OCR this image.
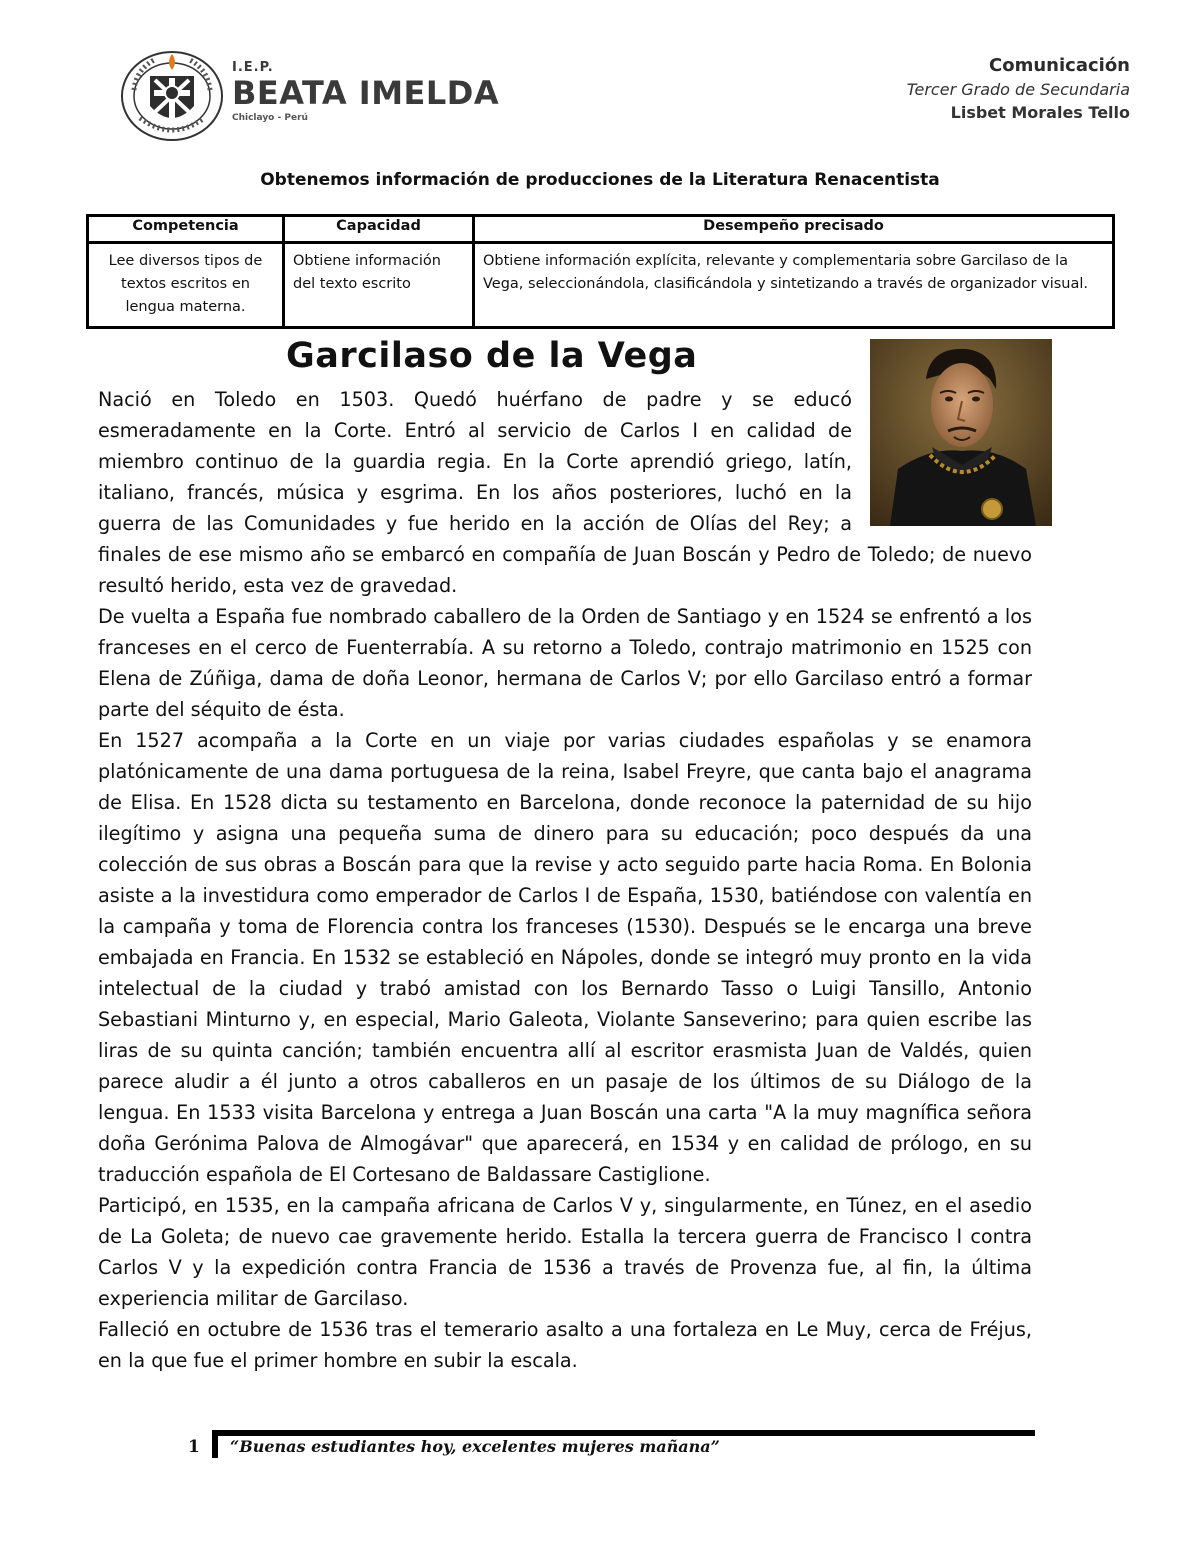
I.E.P.
BEATA IMELDA
Chiclayo - Perú
Comunicación
Tercer Grado de Secundaria
Lisbet Morales Tello
Obtenemos información de producciones de la Literatura Renacentista
Competencia	Capacidad	Desempeño precisado
Lee diversos tipos de textos escritos en lengua materna.	Obtiene información del texto escrito	Obtiene información explícita, relevante y complementaria sobre Garcilaso de la Vega, seleccionándola, clasificándola y sintetizando a través de organizador visual.
Garcilaso de la Vega

Nació en Toledo en 1503. Quedó huérfano de padre y se educó esmeradamente en la Corte. Entró al servicio de Carlos I en calidad de miembro continuo de la guardia regia. En la Corte aprendió griego, latín, italiano, francés, música y esgrima. En los años posteriores, luchó en la guerra de las Comunidades y fue herido en la acción de Olías del Rey; a finales de ese mismo año se embarcó en compañía de Juan Boscán y Pedro de Toledo; de nuevo resultó herido, esta vez de gravedad.

De vuelta a España fue nombrado caballero de la Orden de Santiago y en 1524 se enfrentó a los franceses en el cerco de Fuenterrabía. A su retorno a Toledo, contrajo matrimonio en 1525 con Elena de Zúñiga, dama de doña Leonor, hermana de Carlos V; por ello Garcilaso entró a formar parte del séquito de ésta.

En 1527 acompaña a la Corte en un viaje por varias ciudades españolas y se enamora platónicamente de una dama portuguesa de la reina, Isabel Freyre, que canta bajo el anagrama de Elisa. En 1528 dicta su testamento en Barcelona, donde reconoce la paternidad de su hijo ilegítimo y asigna una pequeña suma de dinero para su educación; poco después da una colección de sus obras a Boscán para que la revise y acto seguido parte hacia Roma. En Bolonia asiste a la investidura como emperador de Carlos I de España, 1530, batiéndose con valentía en la campaña y toma de Florencia contra los franceses (1530). Después se le encarga una breve embajada en Francia. En 1532 se estableció en Nápoles, donde se integró muy pronto en la vida intelectual de la ciudad y trabó amistad con los Bernardo Tasso o Luigi Tansillo, Antonio Sebastiani Minturno y, en especial, Mario Galeota, Violante Sanseverino; para quien escribe las liras de su quinta canción; también encuentra allí al escritor erasmista Juan de Valdés, quien parece aludir a él junto a otros caballeros en un pasaje de los últimos de su Diálogo de la lengua. En 1533 visita Barcelona y entrega a Juan Boscán una carta "A la muy magnífica señora doña Gerónima Palova de Almogávar" que aparecerá, en 1534 y en calidad de prólogo, en su traducción española de El Cortesano de Baldassare Castiglione.

Participó, en 1535, en la campaña africana de Carlos V y, singularmente, en Túnez, en el asedio de La Goleta; de nuevo cae gravemente herido. Estalla la tercera guerra de Francisco I contra Carlos V y la expedición contra Francia de 1536 a través de Provenza fue, al fin, la última experiencia militar de Garcilaso.

Falleció en octubre de 1536 tras el temerario asalto a una fortaleza en Le Muy, cerca de Fréjus, en la que fue el primer hombre en subir la escala.

1 “Buenas estudiantes hoy, excelentes mujeres mañana”
